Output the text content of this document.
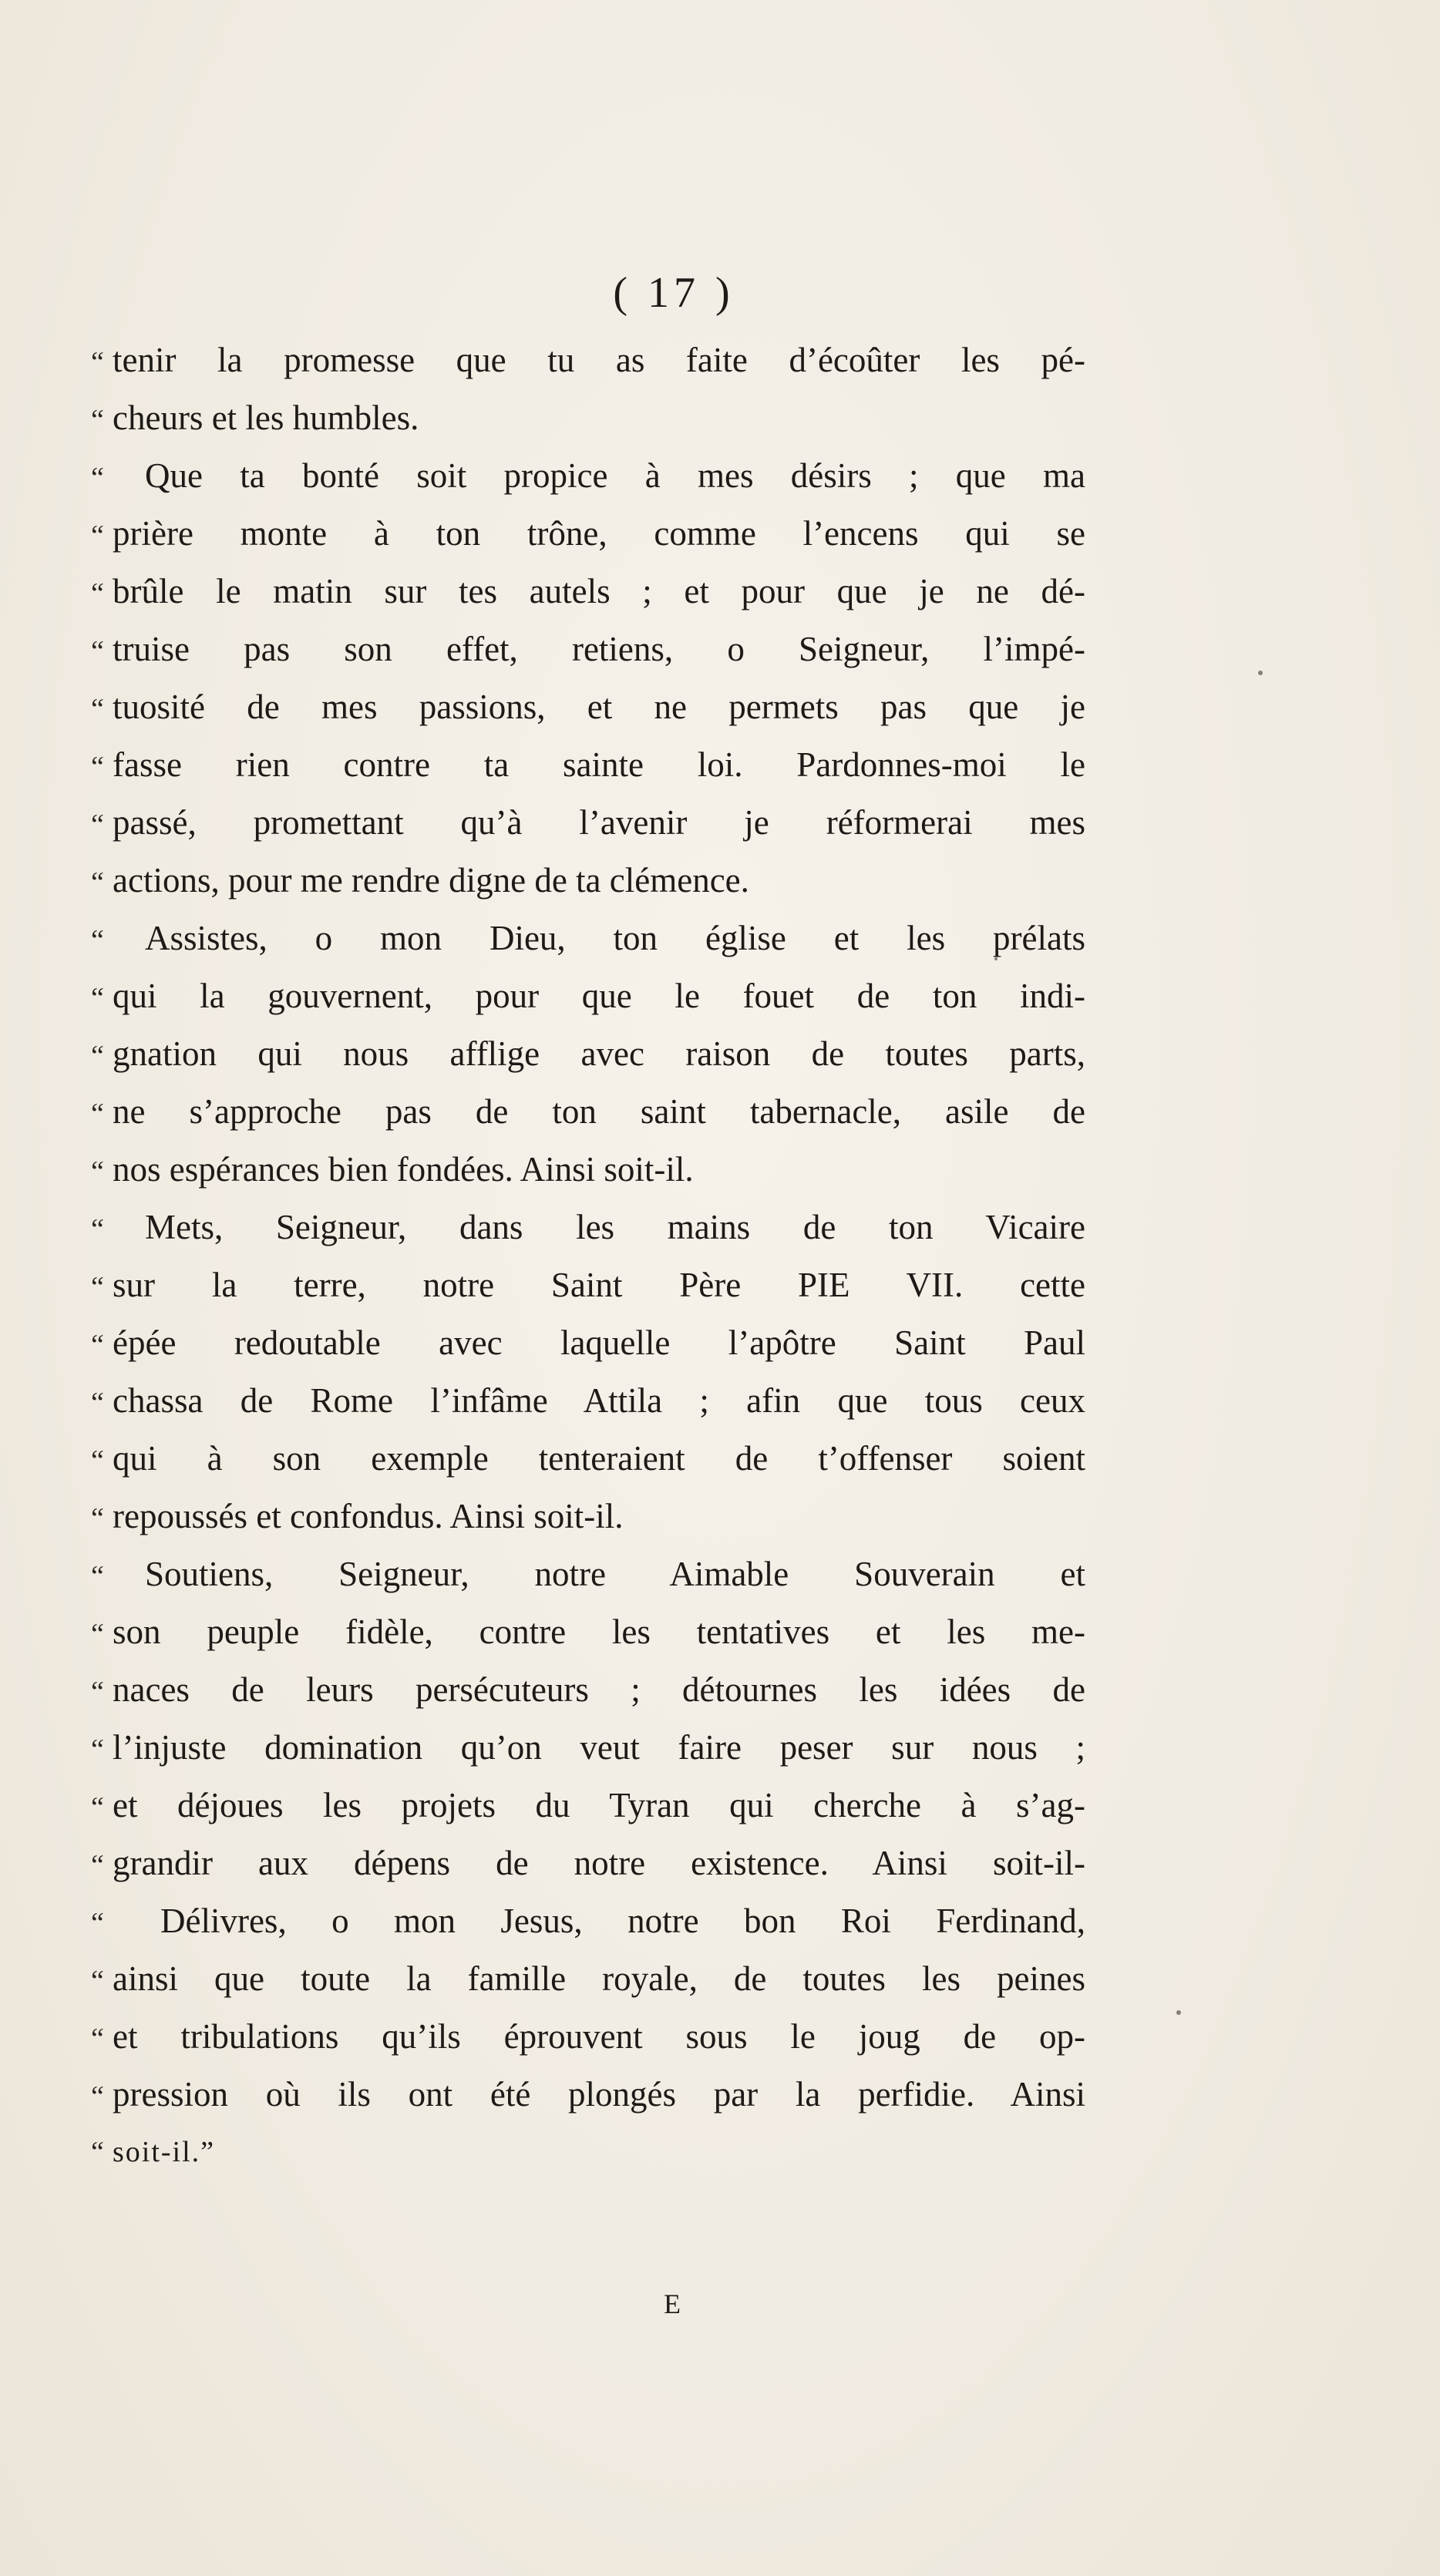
( 17 )
“ tenir la promesse que tu as faite d’écoûter les pé-
“ cheurs et les humbles.
“	Que ta bonté soit propice à mes désirs ; que ma
“ prière monte à ton trône, comme l’encens qui se
“ brûle le matin sur tes autels ; et pour que je ne dé-
“ truise pas son effet, retiens, o Seigneur, l’impé-
“ tuosité de mes passions, et ne permets pas que je
“ fasse rien contre ta sainte loi. Pardonnes-moi le
“ passé, promettant qu’à l’avenir je réformerai mes
“ actions, pour me rendre digne de ta clémence.
“	Assistes, o mon Dieu, ton église et les prélats
“ qui la gouvernent, pour que le fouet de ton indi-
“ gnation qui nous afflige avec raison de toutes parts,
“ ne s’approche pas de ton saint tabernacle, asile de
“ nos espérances bien fondées. Ainsi soit-il.
“	Mets, Seigneur, dans les mains de ton Vicaire
“ sur la terre, notre Saint Père PIE VII. cette
“ épée redoutable avec laquelle l’apôtre Saint Paul
“ chassa de Rome l’infâme Attila ; afin que tous ceux
“ qui à son exemple tenteraient de t’offenser soient
“ repoussés et confondus. Ainsi soit-il.
“	Soutiens, Seigneur, notre Aimable Souverain et
“ son peuple fidèle, contre les tentatives et les me-
“ naces de leurs persécuteurs ; détournes les idées de
“ l’injuste domination qu’on veut faire peser sur nous ;
“ et déjoues les projets du Tyran qui cherche à s’ag-
“ grandir aux dépens de notre existence. Ainsi soit-il-
“	Délivres, o mon Jesus, notre bon Roi Ferdinand,
“ ainsi que toute la famille royale, de toutes les peines
“ et tribulations qu’ils éprouvent sous le joug de op-
“ pression où ils ont été plongés par la perfidie. Ainsi
“ soit-il.”
E
